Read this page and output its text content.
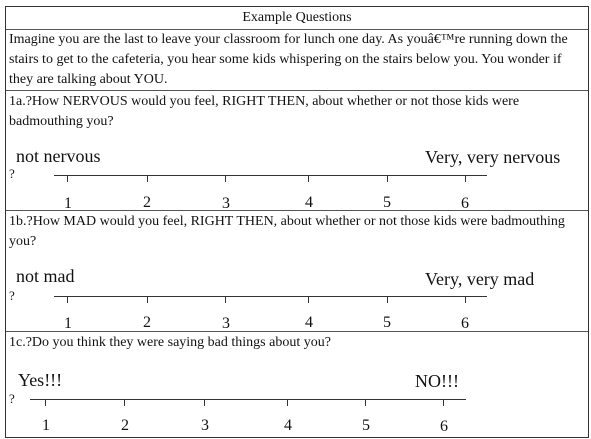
Example Questions
Imagine you are the last to leave your classroom for lunch one day. As youâ€™re running down the stairs to get to the cafeteria, you hear some kids whispering on the stairs below you. You wonder if they are talking about YOU.
1a.?How NERVOUS would you feel, RIGHT THEN, about whether or not those kids were badmouthing you?
not nervous	Very, very nervous
?
1	2	3	4	5	6
1b.?How MAD would you feel, RIGHT THEN, about whether or not those kids were badmouthing you?
not mad	Very, very mad
?
1	2	3	4	5	6
1c.?Do you think they were saying bad things about you?
Yes!!!	NO!!!
?
1	2	3	4	5	6
